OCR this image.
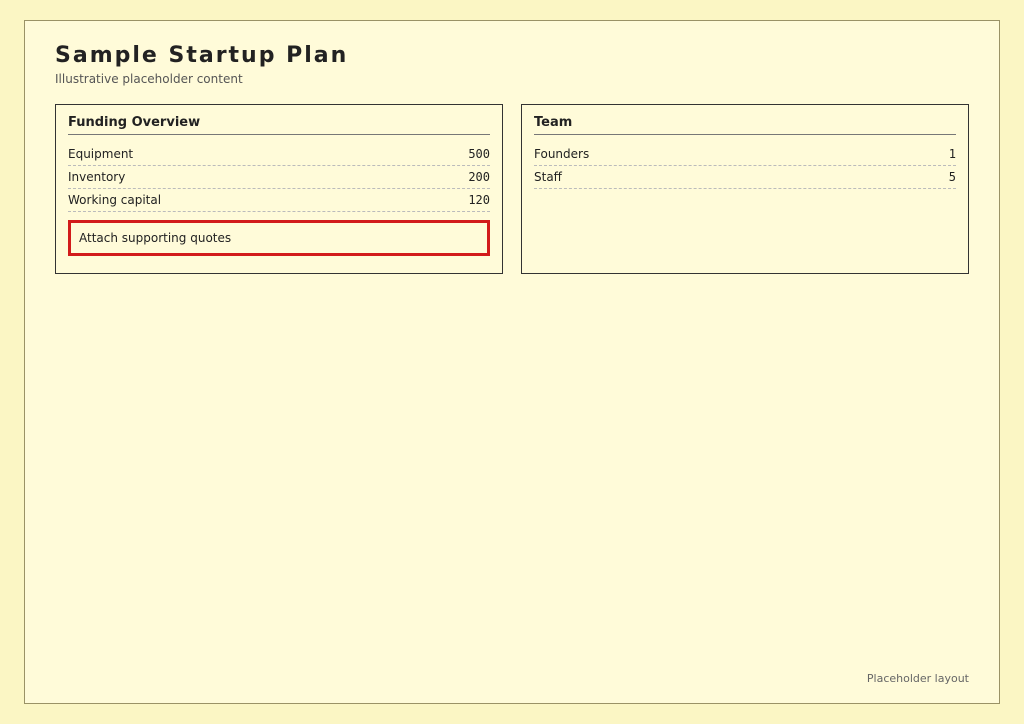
Sample Startup Plan
Illustrative placeholder content
Funding Overview
Equipment	500
Inventory	200
Working capital	120
Attach supporting quotes
Team
Founders	1
Staff	5
Placeholder layout
